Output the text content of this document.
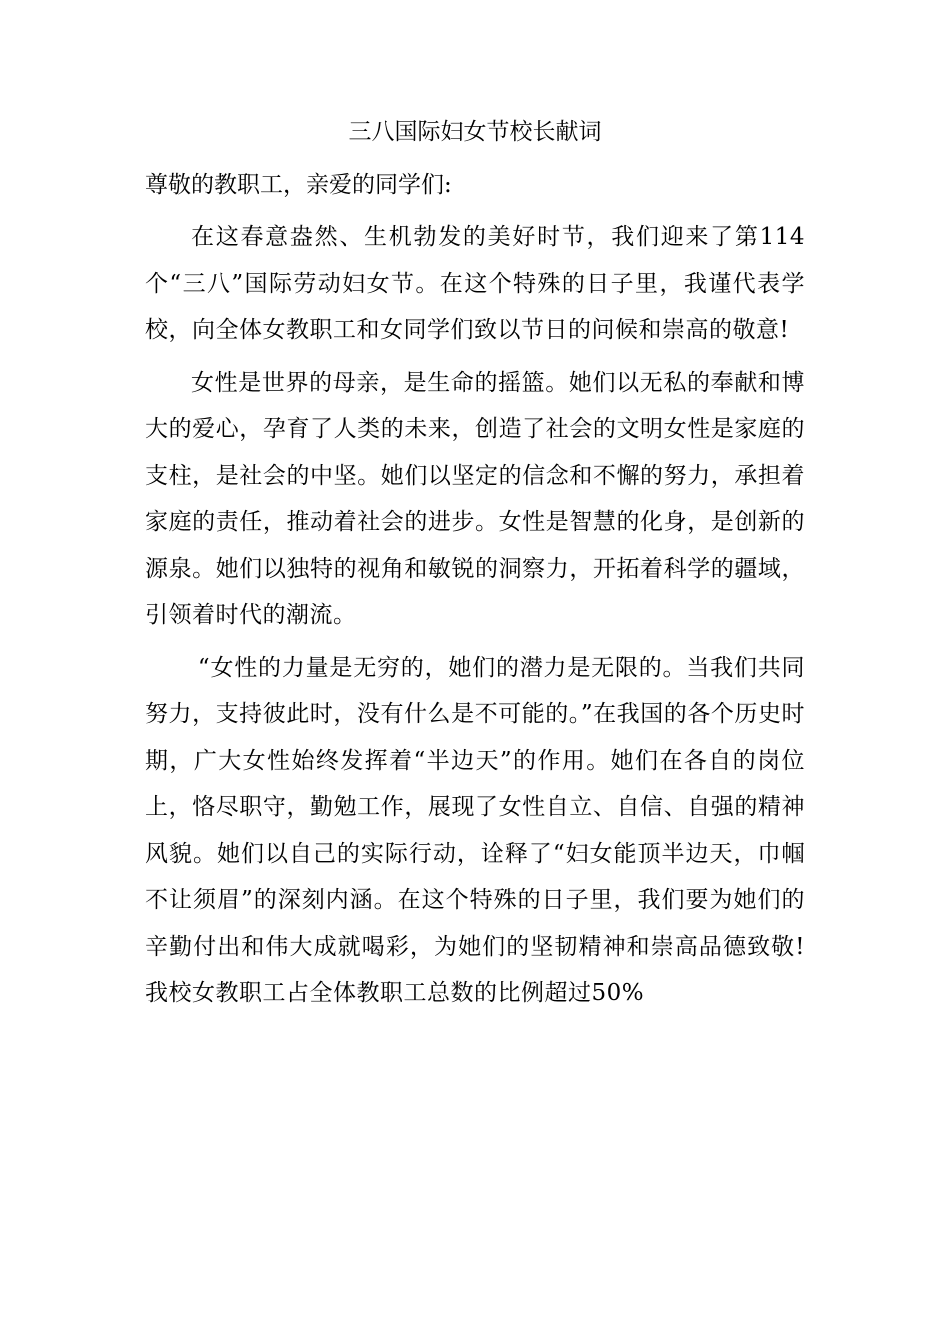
三八国际妇女节校长献词

尊敬的教职工，亲爱的同学们:

在这春意盎然、生机勃发的美好时节，我们迎来了第114个“三八”国际劳动妇女节。在这个特殊的日子里，我谨代表学校，向全体女教职工和女同学们致以节日的问候和崇高的敬意!

女性是世界的母亲，是生命的摇篮。她们以无私的奉献和博大的爱心，孕育了人类的未来，创造了社会的文明女性是家庭的支柱，是社会的中坚。她们以坚定的信念和不懈的努力，承担着家庭的责任，推动着社会的进步。女性是智慧的化身，是创新的源泉。她们以独特的视角和敏锐的洞察力，开拓着科学的疆域，引领着时代的潮流。

“女性的力量是无穷的，她们的潜力是无限的。当我们共同努力，支持彼此时，没有什么是不可能的。”在我国的各个历史时期，广大女性始终发挥着“半边天”的作用。她们在各自的岗位上，恪尽职守，勤勉工作，展现了女性自立、自信、自强的精神风貌。她们以自己的实际行动，诠释了“妇女能顶半边天，巾帼不让须眉”的深刻内涵。在这个特殊的日子里，我们要为她们的辛勤付出和伟大成就喝彩，为她们的坚韧精神和崇高品德致敬!我校女教职工占全体教职工总数的比例超过50%
